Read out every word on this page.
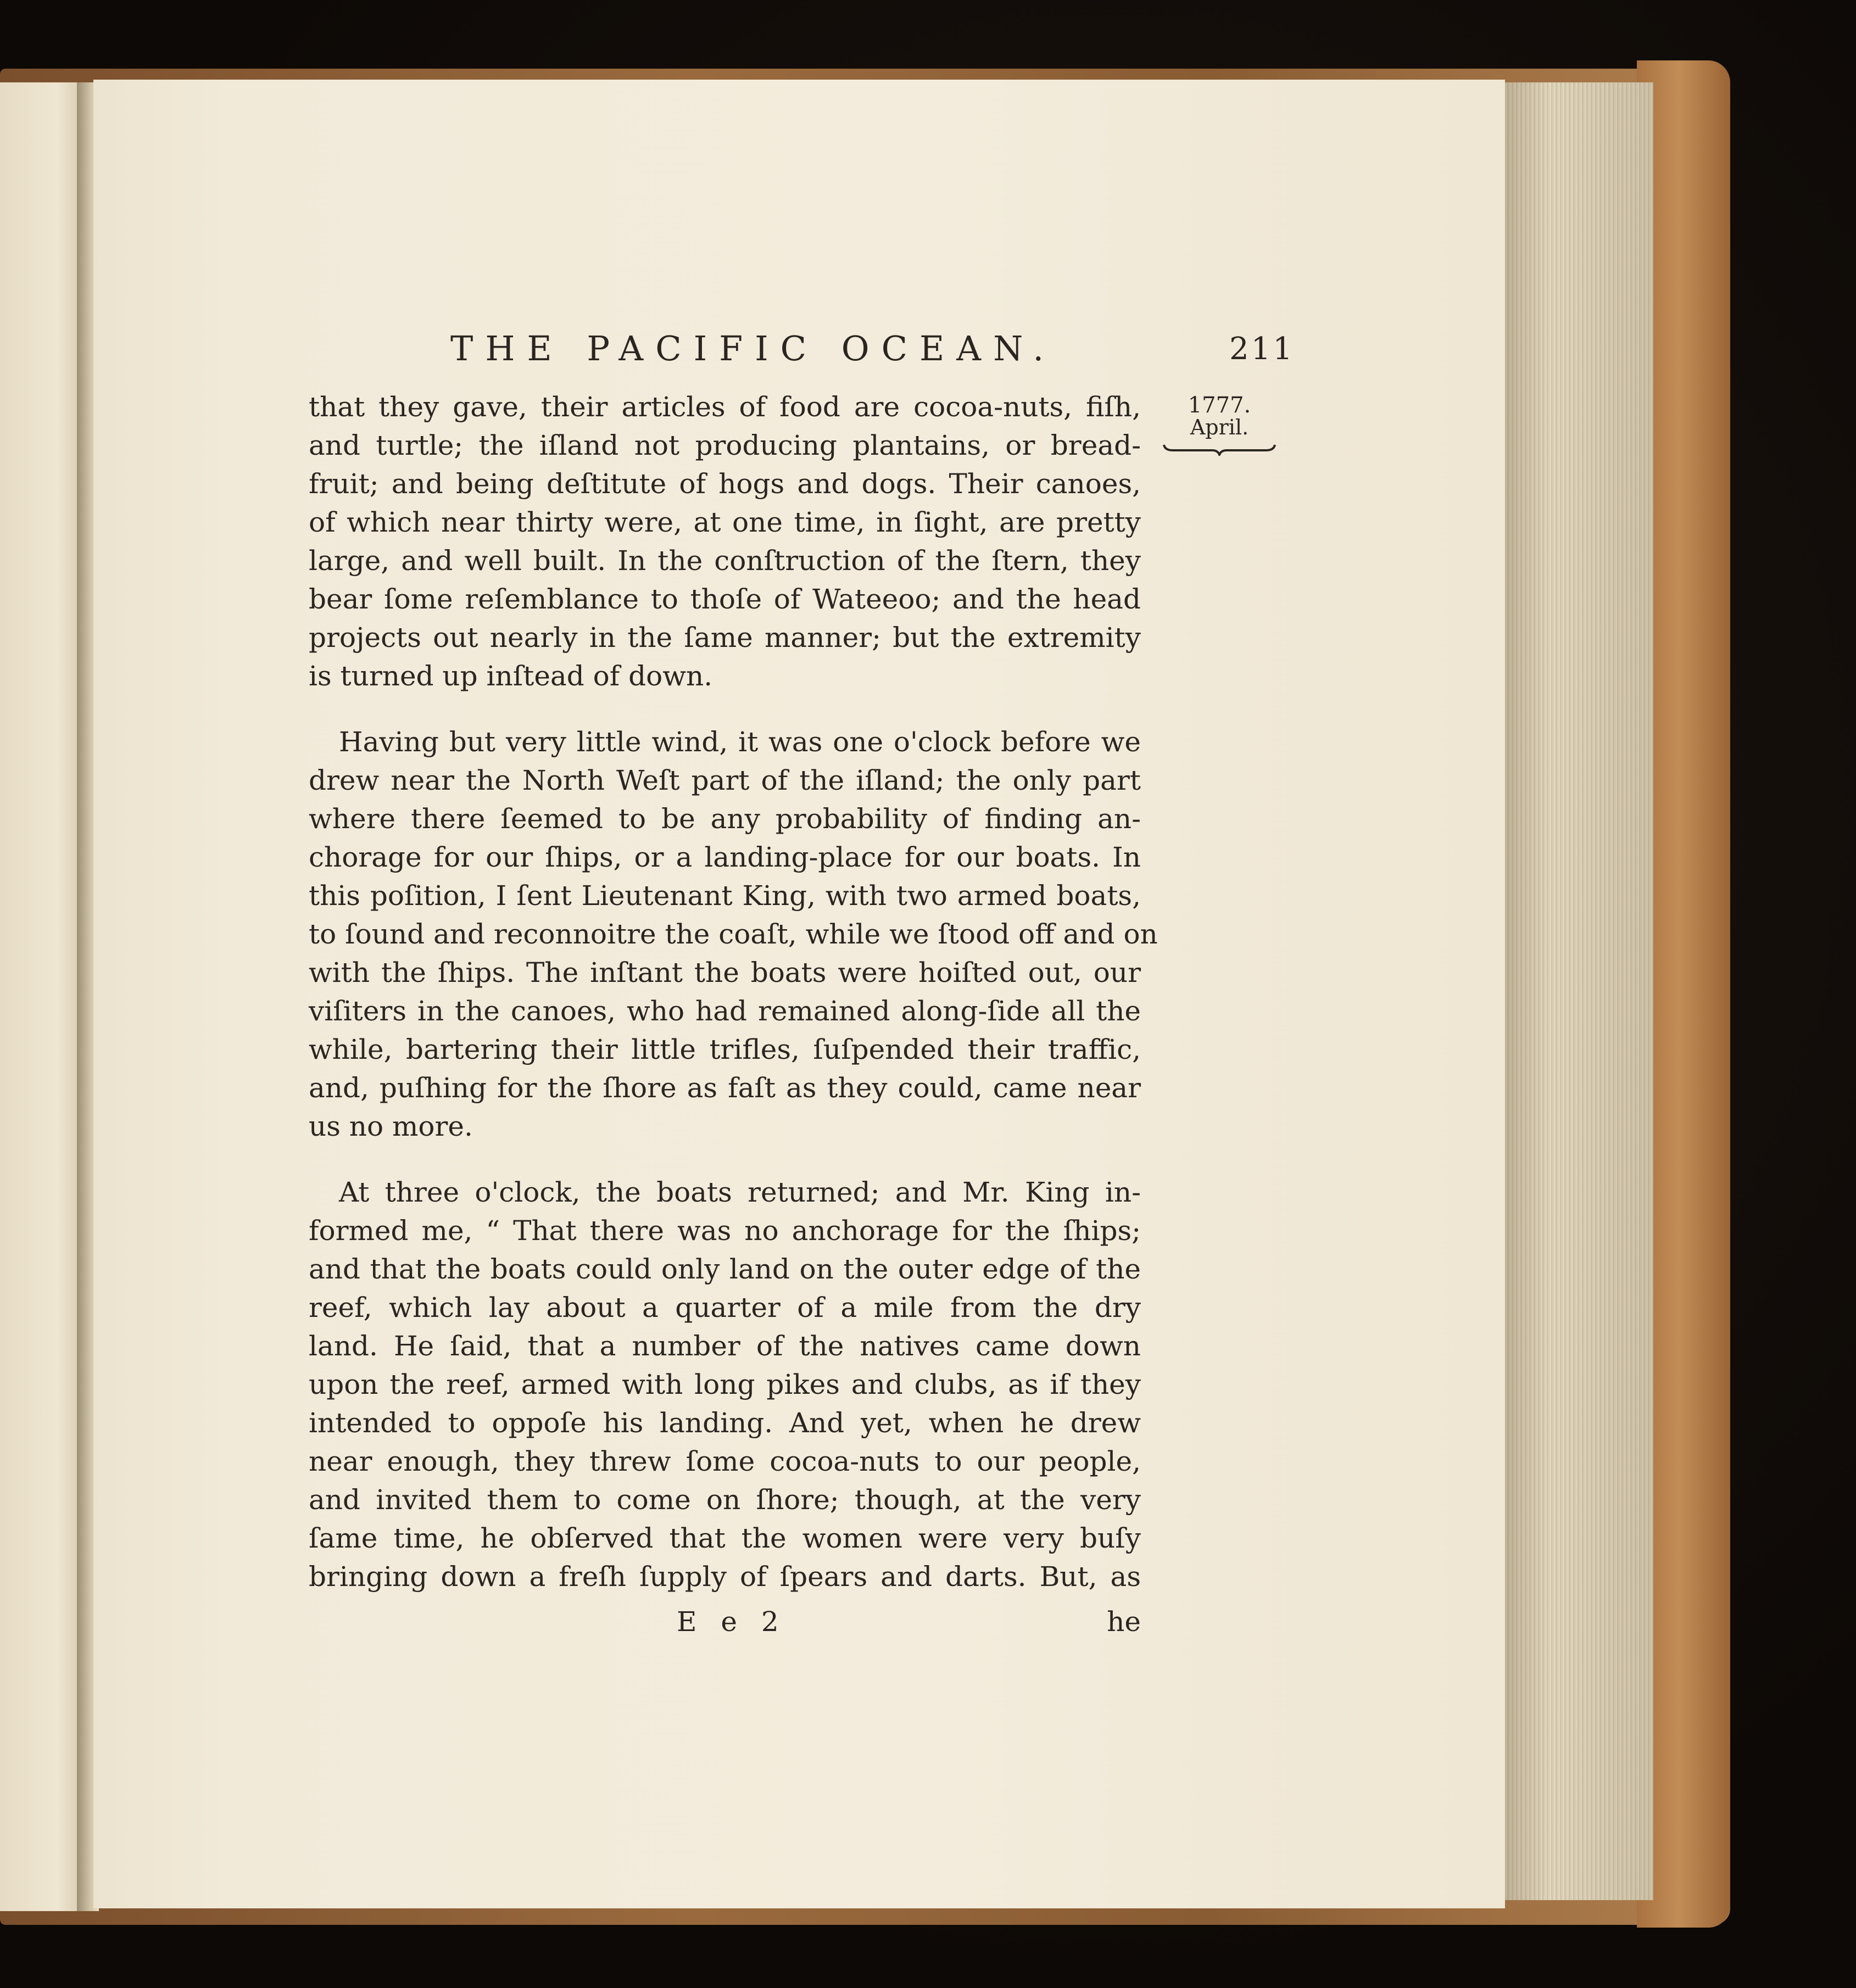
THE PACIFIC OCEAN.	211
1777.
April.
that they gave, their articles of food are cocoa-nuts, fiſh,
and turtle; the iſland not producing plantains, or bread-
fruit; and being deſtitute of hogs and dogs. Their canoes,
of which near thirty were, at one time, in ſight, are pretty
large, and well built. In the conſtruction of the ſtern, they
bear ſome reſemblance to thoſe of Wateeoo; and the head
projects out nearly in the ſame manner; but the extremity
is turned up inſtead of down.
Having but very little wind, it was one o'clock before we
drew near the North Weſt part of the iſland; the only part
where there ſeemed to be any probability of finding an-
chorage for our ſhips, or a landing-place for our boats. In
this poſition, I ſent Lieutenant King, with two armed boats,
to ſound and reconnoitre the coaſt, while we ſtood off and on
with the ſhips. The inſtant the boats were hoiſted out, our
viſiters in the canoes, who had remained along-ſide all the
while, bartering their little trifles, ſuſpended their traffic,
and, puſhing for the ſhore as faſt as they could, came near
us no more.
At three o'clock, the boats returned; and Mr. King in-
formed me, “ That there was no anchorage for the ſhips;
and that the boats could only land on the outer edge of the
reef, which lay about a quarter of a mile from the dry
land. He ſaid, that a number of the natives came down
upon the reef, armed with long pikes and clubs, as if they
intended to oppoſe his landing. And yet, when he drew
near enough, they threw ſome cocoa-nuts to our people,
and invited them to come on ſhore; though, at the very
ſame time, he obſerved that the women were very buſy
bringing down a freſh ſupply of ſpears and darts. But, as
E e 2	he
